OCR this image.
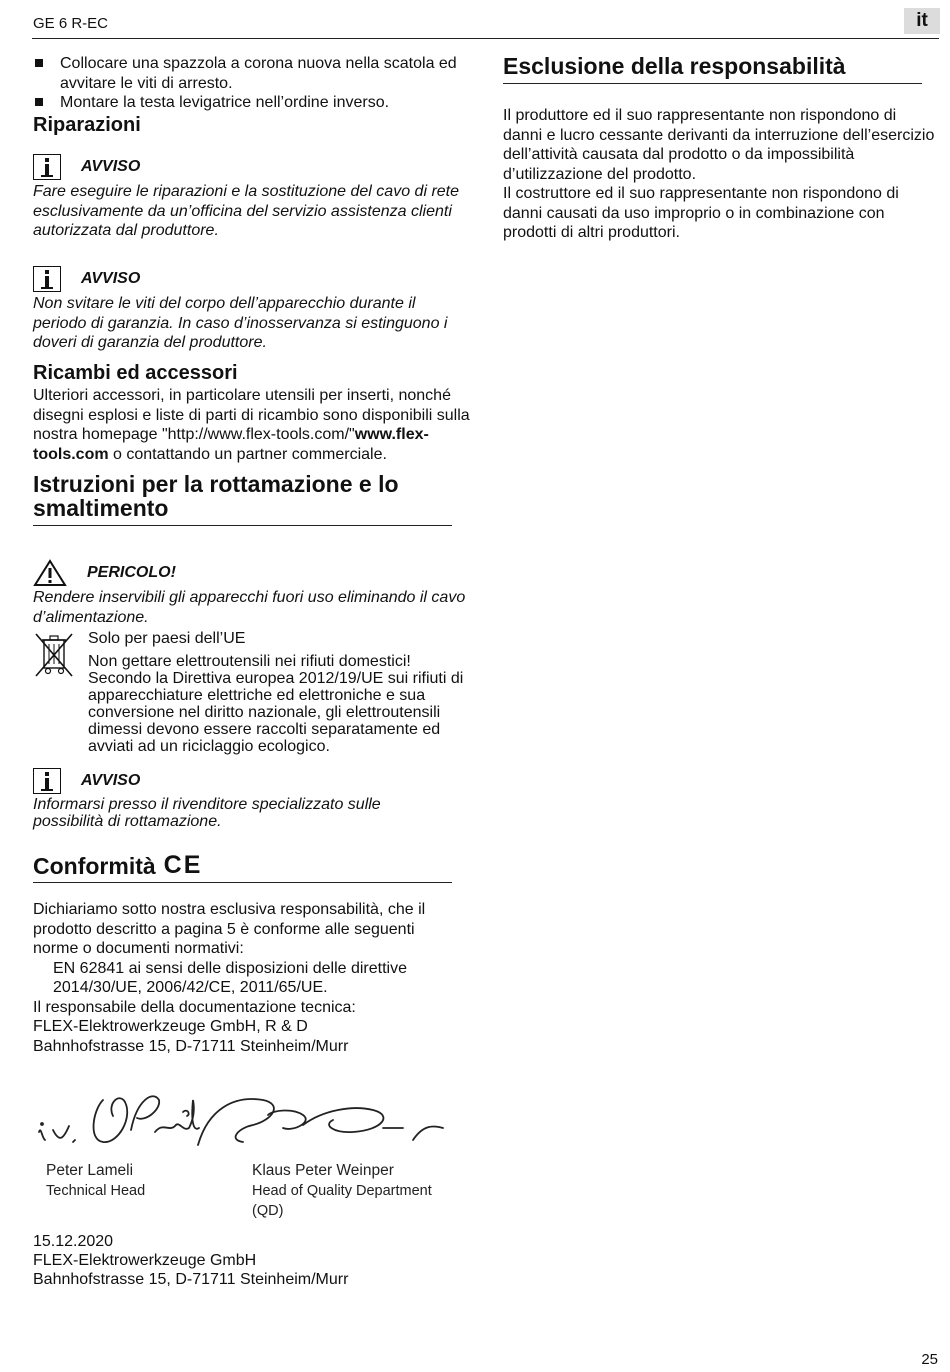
GE 6 R-EC	it
Collocare una spazzola a corona nuova nella scatola ed avvitare le viti di arresto.
Montare la testa levigatrice nell’ordine inverso.
Riparazioni
AVVISO
Fare eseguire le riparazioni e la sostituzione del cavo di rete esclusivamente da un’officina del servizio assistenza clienti autorizzata dal produttore.
AVVISO
Non svitare le viti del corpo dell’apparecchio durante il periodo di garanzia. In caso d’inosservanza si estinguono i doveri di garanzia del produttore.
Ricambi ed accessori
Ulteriori accessori, in particolare utensili per inserti, nonché disegni esplosi e liste di parti di ricambio sono disponibili sulla nostra homepage "http://www.flex-tools.com/"www.flex-tools.com o contattando un partner commerciale.
Istruzioni per la rottamazione e lo smaltimento
PERICOLO!
Rendere inservibili gli apparecchi fuori uso eliminando il cavo d’alimentazione.
Solo per paesi dell’UE
Non gettare elettroutensili nei rifiuti domestici!
Secondo la Direttiva europea 2012/19/UE sui rifiuti di apparecchiature elettriche ed elettroniche e sua conversione nel diritto nazionale, gli elettroutensili dimessi devono essere raccolti separatamente ed avviati ad un riciclaggio ecologico.
AVVISO
Informarsi presso il rivenditore specializzato sulle possibilità di rottamazione.
Conformità CE
Dichiariamo sotto nostra esclusiva responsabilità, che il prodotto descritto a pagina 5 è conforme alle seguenti norme o documenti normativi:
EN 62841 ai sensi delle disposizioni delle direttive 2014/30/UE, 2006/42/CE, 2011/65/UE.
Il responsabile della documentazione tecnica:
FLEX-Elektrowerkzeuge GmbH, R & D
Bahnhofstrasse 15, D-71711 Steinheim/Murr
Peter Lameli
Technical Head
Klaus Peter Weinper
Head of Quality Department (QD)
15.12.2020
FLEX-Elektrowerkzeuge GmbH
Bahnhofstrasse 15, D-71711 Steinheim/Murr
Esclusione della responsabilità
Il produttore ed il suo rappresentante non rispondono di danni e lucro cessante derivanti da interruzione dell’esercizio dell’attività causata dal prodotto o da impossibilità d’utilizzazione del prodotto.
Il costruttore ed il suo rappresentante non rispondono di danni causati da uso improprio o in combinazione con prodotti di altri produttori.
25
